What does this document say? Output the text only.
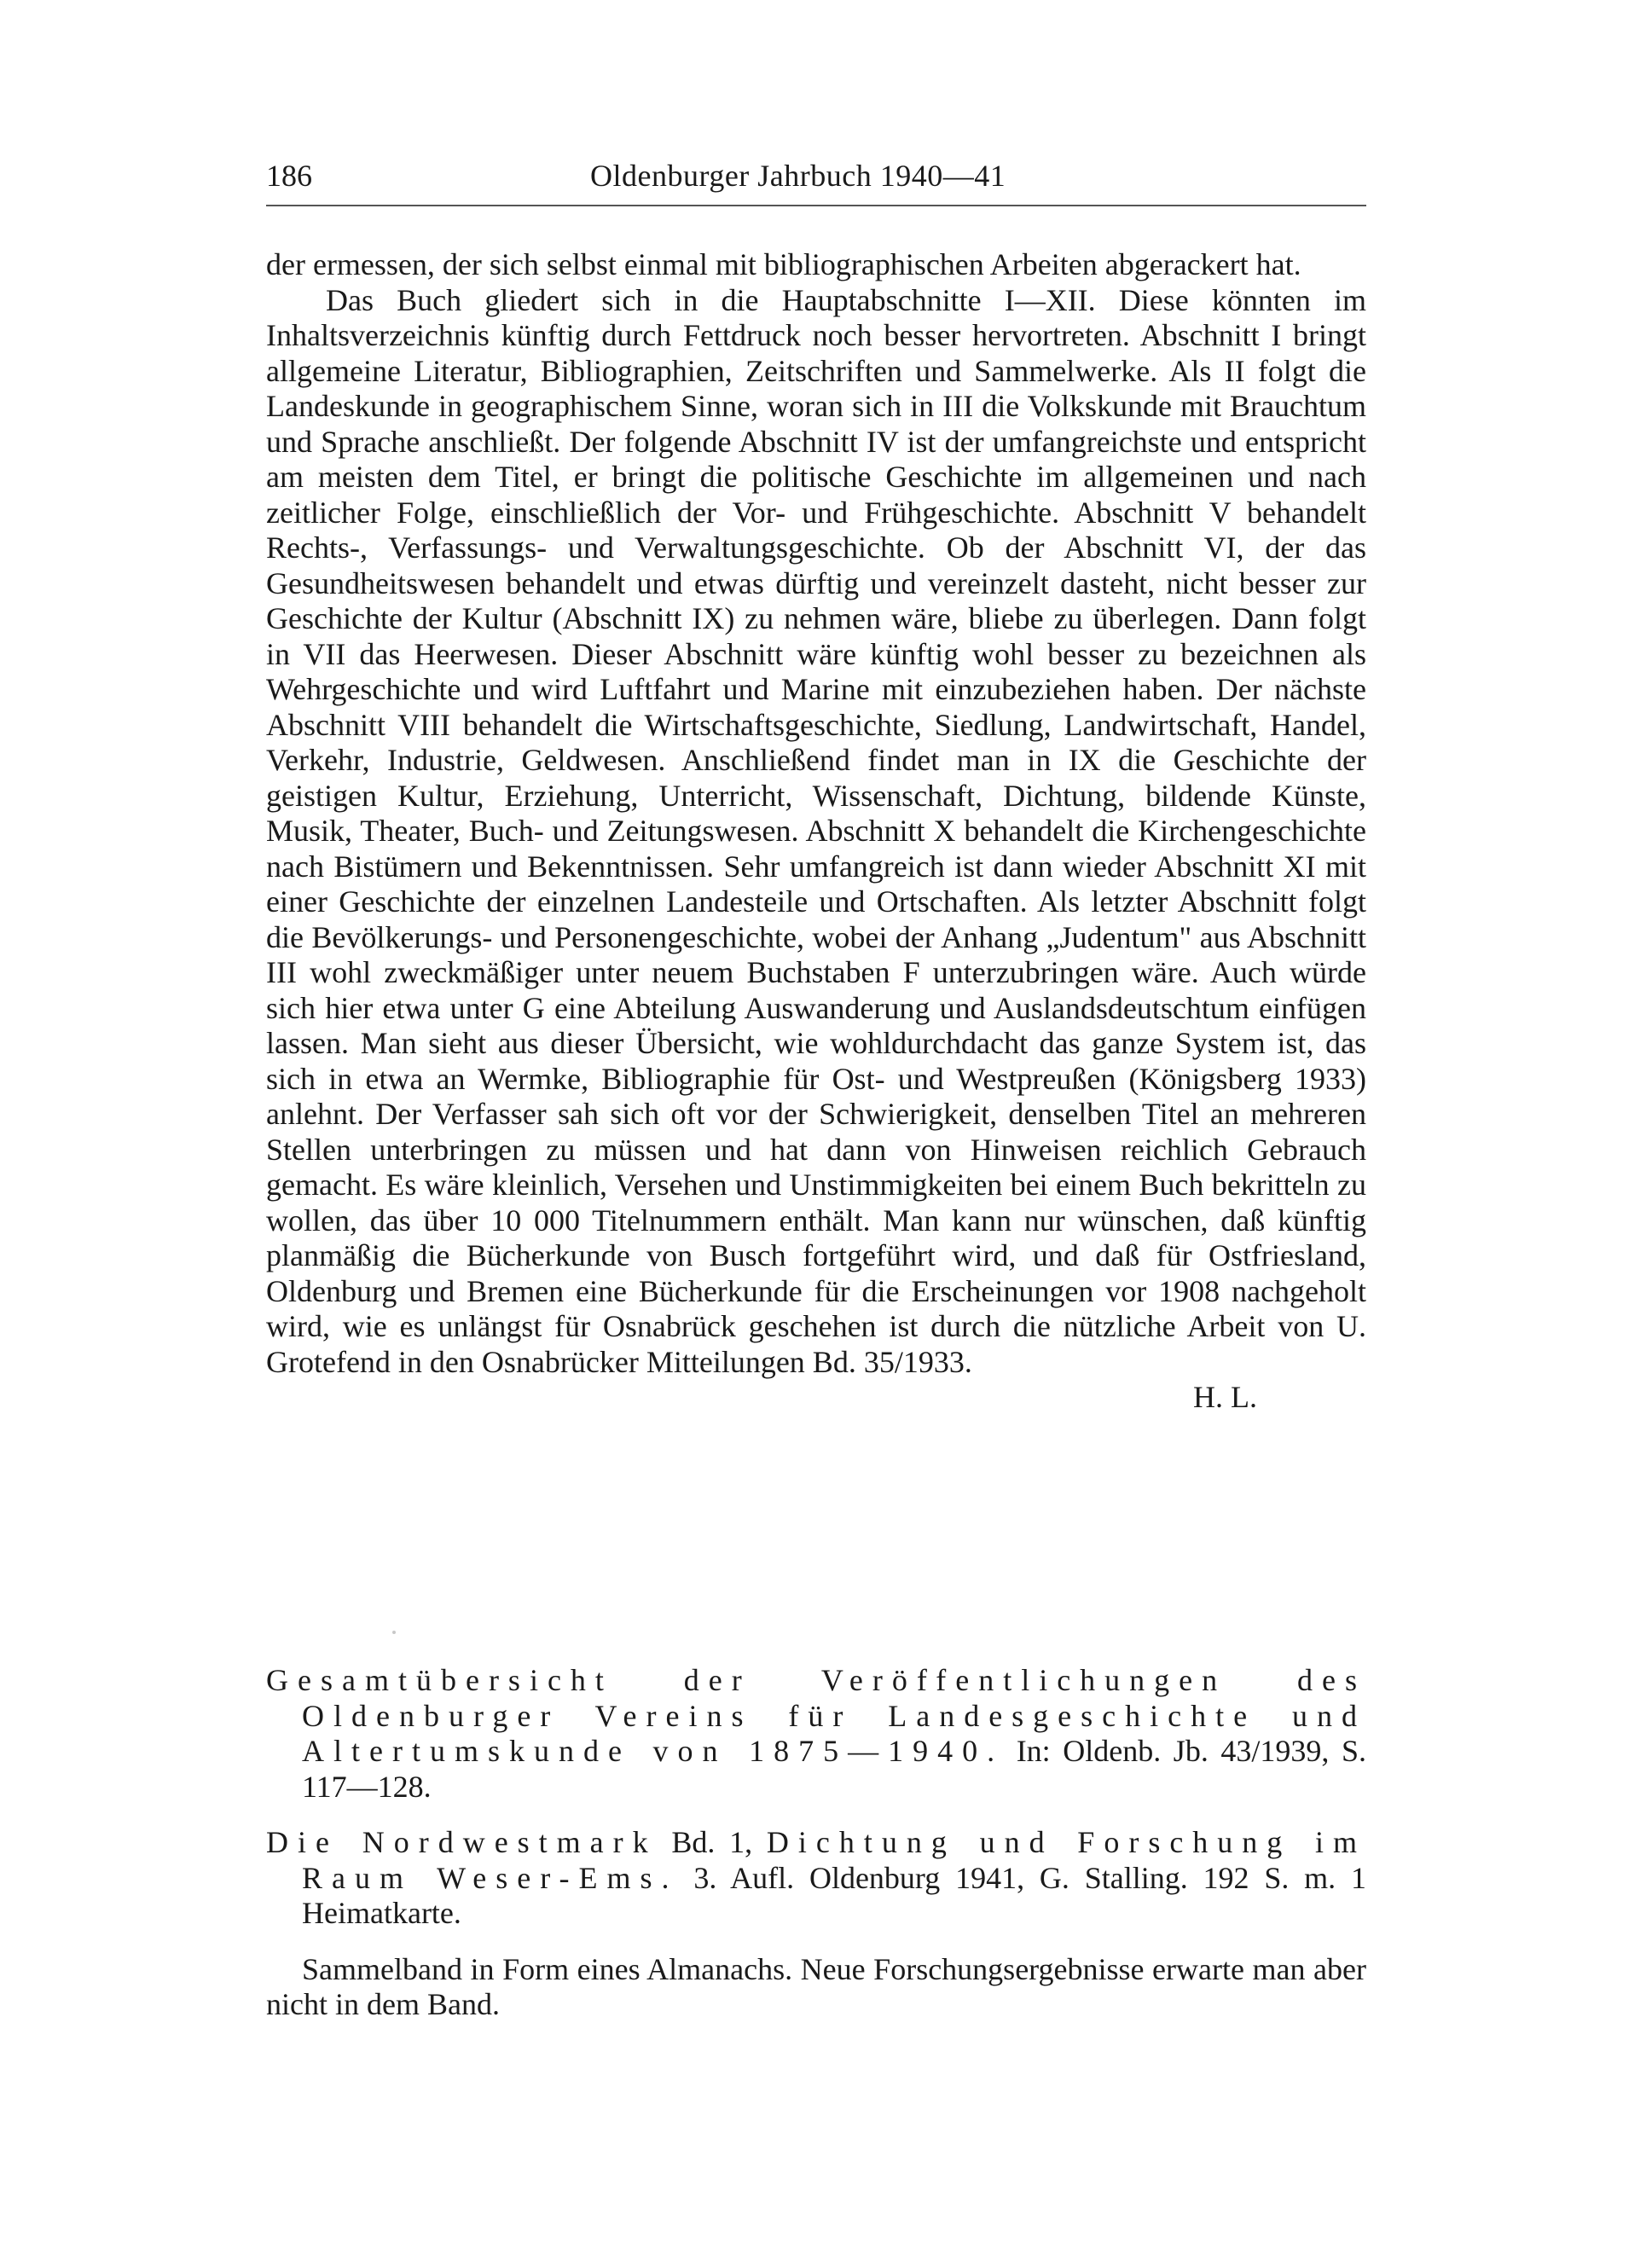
186	Oldenburger Jahrbuch 1940—41

der ermessen, der sich selbst einmal mit bibliographischen Arbeiten abgerackert hat.

Das Buch gliedert sich in die Hauptabschnitte I—XII. Diese könnten im Inhaltsverzeichnis künftig durch Fettdruck noch besser hervortreten. Abschnitt I bringt allgemeine Literatur, Bibliographien, Zeitschriften und Sammelwerke. Als II folgt die Landeskunde in geographischem Sinne, woran sich in III die Volkskunde mit Brauchtum und Sprache anschließt. Der folgende Abschnitt IV ist der umfangreichste und entspricht am meisten dem Titel, er bringt die politische Geschichte im allgemeinen und nach zeitlicher Folge, einschließlich der Vor- und Frühgeschichte. Abschnitt V behandelt Rechts-, Verfassungs- und Verwaltungsgeschichte. Ob der Abschnitt VI, der das Gesundheitswesen behandelt und etwas dürftig und vereinzelt dasteht, nicht besser zur Geschichte der Kultur (Abschnitt IX) zu nehmen wäre, bliebe zu überlegen. Dann folgt in VII das Heerwesen. Dieser Abschnitt wäre künftig wohl besser zu bezeichnen als Wehrgeschichte und wird Luftfahrt und Marine mit einzubeziehen haben. Der nächste Abschnitt VIII behandelt die Wirtschaftsgeschichte, Siedlung, Landwirtschaft, Handel, Verkehr, Industrie, Geldwesen. Anschließend findet man in IX die Geschichte der geistigen Kultur, Erziehung, Unterricht, Wissenschaft, Dichtung, bildende Künste, Musik, Theater, Buch- und Zeitungswesen. Abschnitt X behandelt die Kirchengeschichte nach Bistümern und Bekenntnissen. Sehr umfangreich ist dann wieder Abschnitt XI mit einer Geschichte der einzelnen Landesteile und Ortschaften. Als letzter Abschnitt folgt die Bevölkerungs- und Personengeschichte, wobei der Anhang „Judentum" aus Abschnitt III wohl zweckmäßiger unter neuem Buchstaben F unterzubringen wäre. Auch würde sich hier etwa unter G eine Abteilung Auswanderung und Auslandsdeutschtum einfügen lassen. Man sieht aus dieser Übersicht, wie wohldurchdacht das ganze System ist, das sich in etwa an Wermke, Bibliographie für Ost- und Westpreußen (Königsberg 1933) anlehnt. Der Verfasser sah sich oft vor der Schwierigkeit, denselben Titel an mehreren Stellen unterbringen zu müssen und hat dann von Hinweisen reichlich Gebrauch gemacht. Es wäre kleinlich, Versehen und Unstimmigkeiten bei einem Buch bekritteln zu wollen, das über 10 000 Titelnummern enthält. Man kann nur wünschen, daß künftig planmäßig die Bücherkunde von Busch fortgeführt wird, und daß für Ostfriesland, Oldenburg und Bremen eine Bücherkunde für die Erscheinungen vor 1908 nachgeholt wird, wie es unlängst für Osnabrück geschehen ist durch die nützliche Arbeit von U. Grotefend in den Osnabrücker Mitteilungen Bd. 35/1933.

H. L.

Gesamtübersicht der Veröffentlichungen des Oldenburger Vereins für Landesgeschichte und Altertumskunde von 1875—1940. In: Oldenb. Jb. 43/1939, S. 117—128.

Die Nordwestmark Bd. 1, Dichtung und Forschung im Raum Weser-Ems. 3. Aufl. Oldenburg 1941, G. Stalling. 192 S. m. 1 Heimatkarte.

Sammelband in Form eines Almanachs. Neue Forschungsergebnisse erwarte man aber nicht in dem Band.
